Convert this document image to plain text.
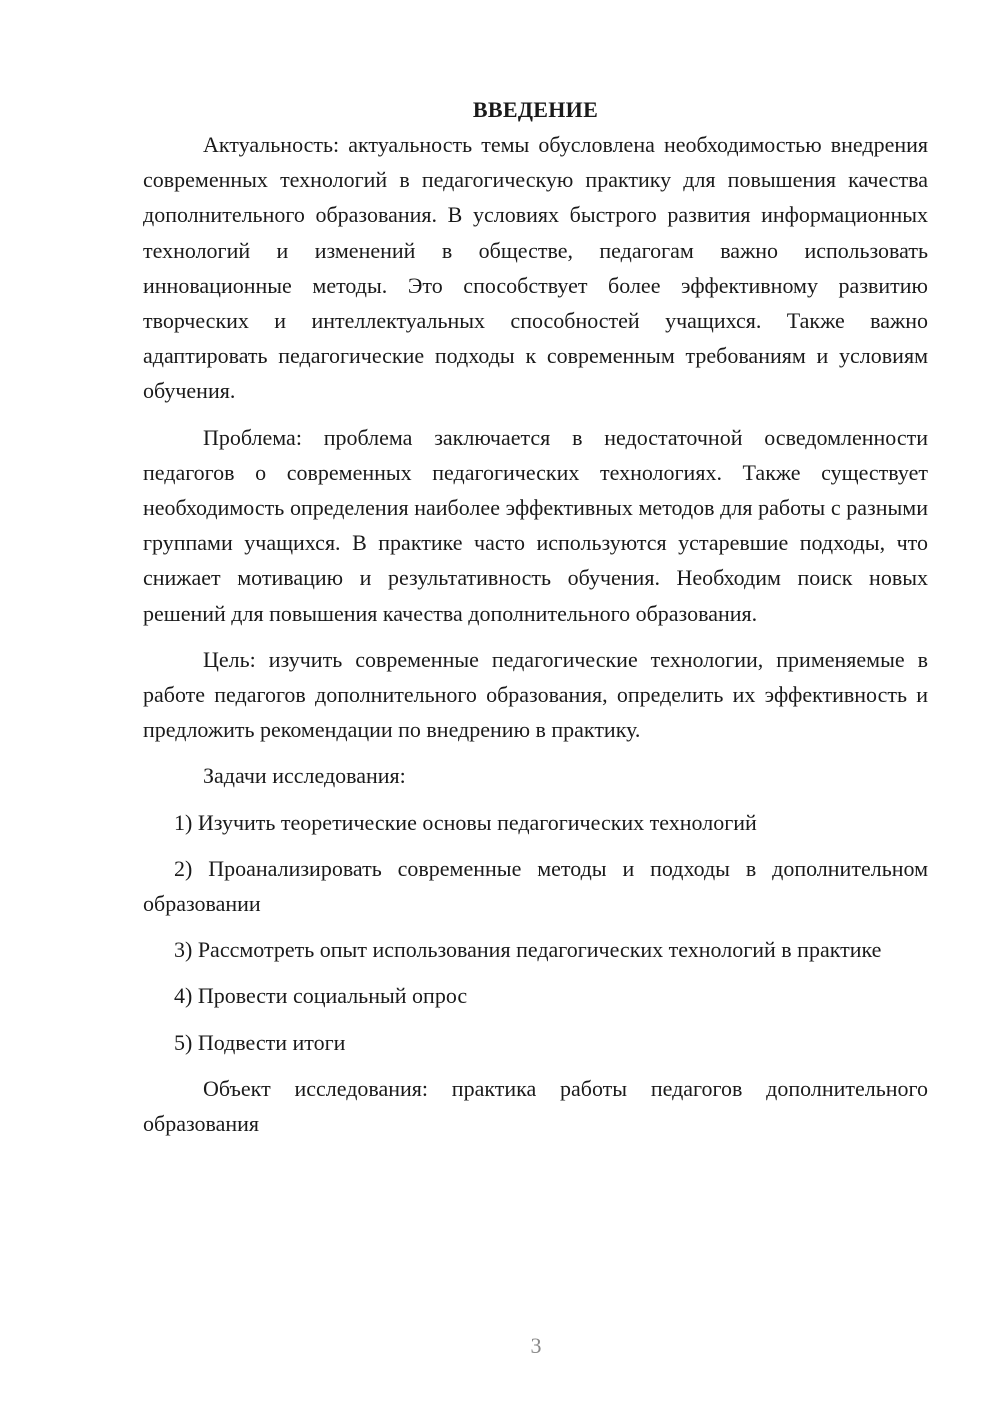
ВВЕДЕНИЕ

Актуальность: актуальность темы обусловлена необходимостью внедрения современных технологий в педагогическую практику для повышения качества дополнительного образования. В условиях быстрого развития информационных технологий и изменений в обществе, педагогам важно использовать инновационные методы. Это способствует более эффективному развитию творческих и интеллектуальных способностей учащихся. Также важно адаптировать педагогические подходы к современным требованиям и условиям обучения.

Проблема: проблема заключается в недостаточной осведомленности педагогов о современных педагогических технологиях. Также существует необходимость определения наиболее эффективных методов для работы с разными группами учащихся. В практике часто используются устаревшие подходы, что снижает мотивацию и результативность обучения. Необходим поиск новых решений для повышения качества дополнительного образования.

Цель: изучить современные педагогические технологии, применяемые в работе педагогов дополнительного образования, определить их эффективность и предложить рекомендации по внедрению в практику.

Задачи исследования:

1) Изучить теоретические основы педагогических технологий

2) Проанализировать современные методы и подходы в дополнительном образовании

3) Рассмотреть опыт использования педагогических технологий в практике

4) Провести социальный опрос

5) Подвести итоги

Объект исследования: практика работы педагогов дополнительного образования

3
